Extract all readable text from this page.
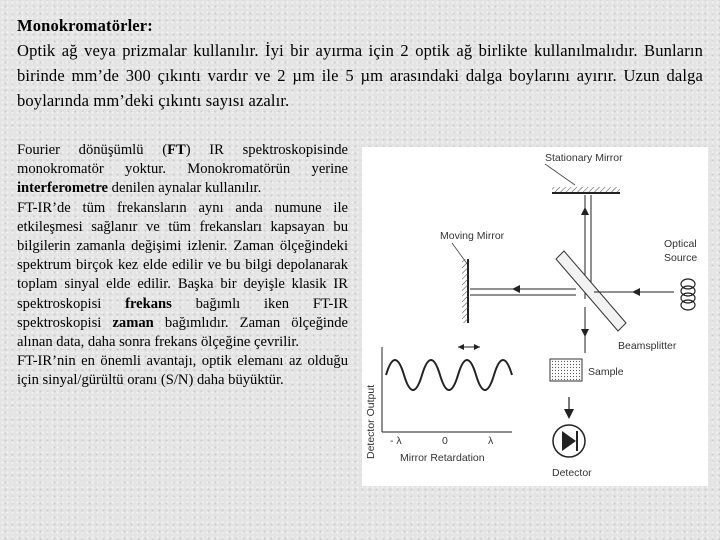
Monokromatörler:
Optik ağ veya prizmalar kullanılır. İyi bir ayırma için 2 optik ağ birlikte kullanılmalıdır. Bunların birinde mm’de 300 çıkıntı vardır ve 2 µm ile 5 µm arasındaki dalga boylarını ayırır. Uzun dalga boylarında mm’deki çıkıntı sayısı azalır.

Fourier dönüşümlü (FT) IR spektroskopisinde monokromatör yoktur. Monokromatörün yerine interferometre denilen aynalar kullanılır.

FT-IR’de tüm frekansların aynı anda numune ile etkileşmesi sağlanır ve tüm frekansları kapsayan bu bilgilerin zamanla değişimi izlenir. Zaman ölçeğindeki spektrum birçok kez elde edilir ve bu bilgi depolanarak toplam sinyal elde edilir. Başka bir deyişle klasik IR spektroskopisi frekans bağımlı iken FT-IR spektroskopisi zaman bağımlıdır. Zaman ölçeğinde alınan data, daha sonra frekans ölçeğine çevrilir.

FT-IR’nin en önemli avantajı, optik elemanı az olduğu için sinyal/gürültü oranı (S/N) daha büyüktür.

Stationary Mirror
Moving Mirror
Beamsplitter
Optical
Source
Sample
Detector
Detector Output - λ	0	λ
Mirror Retardation
